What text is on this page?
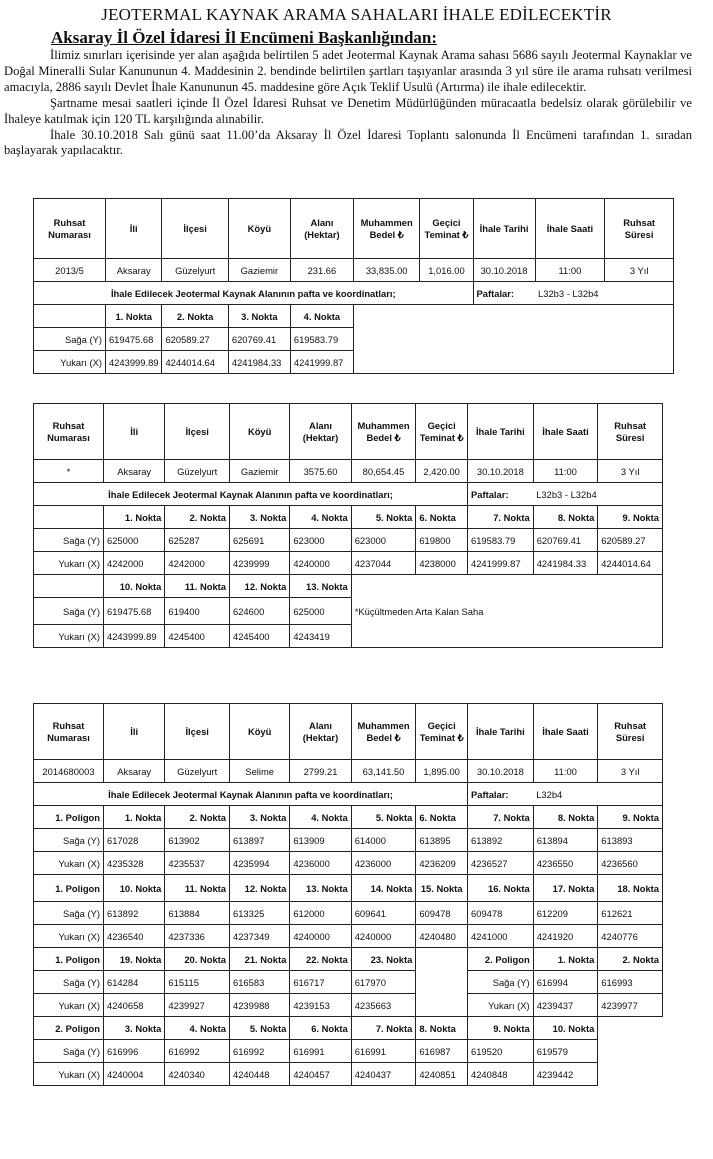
JEOTERMAL KAYNAK ARAMA SAHALARI İHALE EDİLECEKTİR
Aksaray İl Özel İdaresi İl Encümeni Başkanlığından:

İlimiz sınırları içerisinde yer alan aşağıda belirtilen 5 adet Jeotermal Kaynak Arama sahası 5686 sayılı Jeotermal Kaynaklar ve Doğal Mineralli Sular Kanununun 4. Maddesinin 2. bendinde belirtilen şartları taşıyanlar arasında 3 yıl süre ile arama ruhsatı verilmesi amacıyla, 2886 sayılı Devlet İhale Kanununun 45. maddesine göre Açık Teklif Usulü (Artırma) ile ihale edilecektir.

Şartname mesai saatleri içinde İl Özel İdaresi Ruhsat ve Denetim Müdürlüğünden müracaatla bedelsiz olarak görülebilir ve İhaleye katılmak için 120 TL karşılığında alınabilir.

İhale 30.10.2018 Salı günü saat 11.00’da Aksaray İl Özel İdaresi Toplantı salonunda İl Encümeni tarafından 1. sıradan başlayarak yapılacaktır.

Ruhsat Numarası	İli	İlçesi	Köyü	Alanı (Hektar)	Muhammen Bedel ₺	Geçici Teminat ₺	İhale Tarihi	İhale Saati	Ruhsat Süresi
2013/5	Aksaray	Güzelyurt	Gaziemir	231.66	33,835.00	1,016.00	30.10.2018	11:00	3 Yıl
İhale Edilecek Jeotermal Kaynak Alanının pafta ve koordinatları;							Paftalar:	L32b3 - L32b4	
	1. Nokta	2. Nokta	3. Nokta	4. Nokta					
Sağa (Y)	619475.68	620589.27	620769.41	619583.79					
Yukarı (X)	4243999.89	4244014.64	4241984.33	4241999.87					
Ruhsat Numarası	İli	İlçesi	Köyü	Alanı (Hektar)	Muhammen Bedel ₺	Geçici Teminat ₺	İhale Tarihi	İhale Saati	Ruhsat Süresi
*	Aksaray	Güzelyurt	Gaziemir	3575.60	80,654.45	2,420.00	30.10.2018	11:00	3 Yıl
İhale Edilecek Jeotermal Kaynak Alanının pafta ve koordinatları;							Paftalar:	L32b3 - L32b4	
	1. Nokta	2. Nokta	3. Nokta	4. Nokta	5. Nokta	6. Nokta	7. Nokta	8. Nokta	9. Nokta
Sağa (Y)	625000	625287	625691	623000	623000	619800	619583.79	620769.41	620589.27
Yukarı (X)	4242000	4242000	4239999	4240000	4237044	4238000	4241999.87	4241984.33	4244014.64
	10. Nokta	11. Nokta	12. Nokta	13. Nokta	*Küçültmeden Arta Kalan Saha				
Sağa (Y)	619475.68	619400	624600	625000					
Yukarı (X)	4243999.89	4245400	4245400	4243419					
Ruhsat Numarası	İli	İlçesi	Köyü	Alanı (Hektar)	Muhammen Bedel ₺	Geçici Teminat ₺	İhale Tarihi	İhale Saati	Ruhsat Süresi
2014680003	Aksaray	Güzelyurt	Selime	2799.21	63,141.50	1,895.00	30.10.2018	11:00	3 Yıl
İhale Edilecek Jeotermal Kaynak Alanının pafta ve koordinatları;							Paftalar:	L32b4	
1. Poligon	1. Nokta	2. Nokta	3. Nokta	4. Nokta	5. Nokta	6. Nokta	7. Nokta	8. Nokta	9. Nokta
Sağa (Y)	617028	613902	613897	613909	614000	613895	613892	613894	613893
Yukarı (X)	4235328	4235537	4235994	4236000	4236000	4236209	4236527	4236550	4236560
1. Poligon	10. Nokta	11. Nokta	12. Nokta	13. Nokta	14. Nokta	15. Nokta	16. Nokta	17. Nokta	18. Nokta
Sağa (Y)	613892	613884	613325	612000	609641	609478	609478	612209	612621
Yukarı (X)	4236540	4237336	4237349	4240000	4240000	4240480	4241000	4241920	4240776
1. Poligon	19. Nokta	20. Nokta	21. Nokta	22. Nokta	23. Nokta		2. Poligon	1. Nokta	2. Nokta
Sağa (Y)	614284	615115	616583	616717	617970		Sağa (Y)	616994	616993
Yukarı (X)	4240658	4239927	4239988	4239153	4235663		Yukarı (X)	4239437	4239977
2. Poligon	3. Nokta	4. Nokta	5. Nokta	6. Nokta	7. Nokta	8. Nokta	9. Nokta	10. Nokta	
Sağa (Y)	616996	616992	616992	616991	616991	616987	619520	619579	
Yukarı (X)	4240004	4240340	4240448	4240457	4240437	4240851	4240848	4239442	
